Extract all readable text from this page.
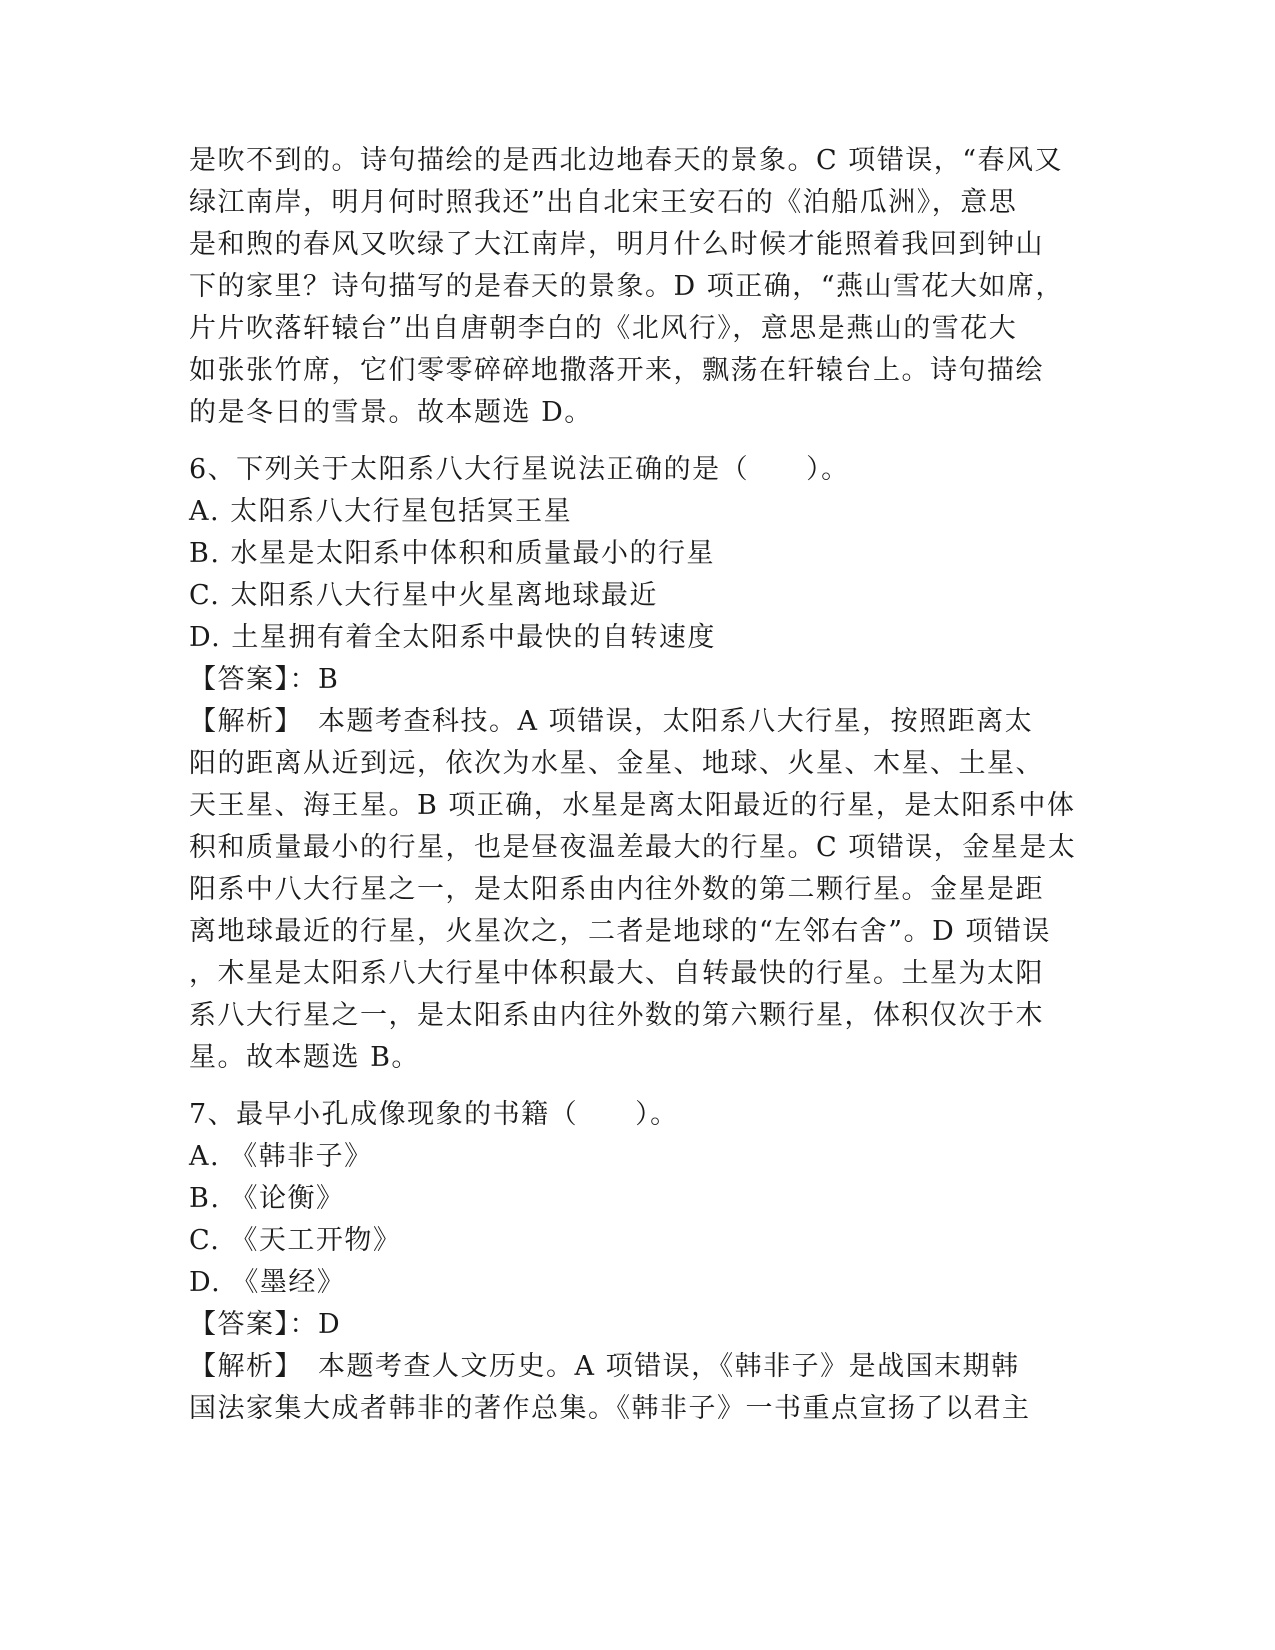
是吹不到的。诗句描绘的是西北边地春天的景象。C 项错误，“春风又
绿江南岸，明月何时照我还”出自北宋王安石的《泊船瓜洲》，意思
是和煦的春风又吹绿了大江南岸，明月什么时候才能照着我回到钟山
下的家里？诗句描写的是春天的景象。D 项正确，“燕山雪花大如席，
片片吹落轩辕台”出自唐朝李白的《北风行》，意思是燕山的雪花大
如张张竹席，它们零零碎碎地撒落开来，飘荡在轩辕台上。诗句描绘
的是冬日的雪景。故本题选 D。
6、下列关于太阳系八大行星说法正确的是（　　）。
A. 太阳系八大行星包括冥王星
B. 水星是太阳系中体积和质量最小的行星
C. 太阳系八大行星中火星离地球最近
D. 土星拥有着全太阳系中最快的自转速度
【答案】：B
【解析】　本题考查科技。A 项错误，太阳系八大行星，按照距离太
阳的距离从近到远，依次为水星、金星、地球、火星、木星、土星、
天王星、海王星。B 项正确，水星是离太阳最近的行星，是太阳系中体
积和质量最小的行星，也是昼夜温差最大的行星。C 项错误，金星是太
阳系中八大行星之一，是太阳系由内往外数的第二颗行星。金星是距
离地球最近的行星，火星次之，二者是地球的“左邻右舍”。D 项错误
，木星是太阳系八大行星中体积最大、自转最快的行星。土星为太阳
系八大行星之一，是太阳系由内往外数的第六颗行星，体积仅次于木
星。故本题选 B。
7、最早小孔成像现象的书籍（　　）。
A. 《韩非子》
B. 《论衡》
C. 《天工开物》
D. 《墨经》
【答案】：D
【解析】　本题考查人文历史。A 项错误，《韩非子》是战国末期韩
国法家集大成者韩非的著作总集。《韩非子》一书重点宣扬了以君主
